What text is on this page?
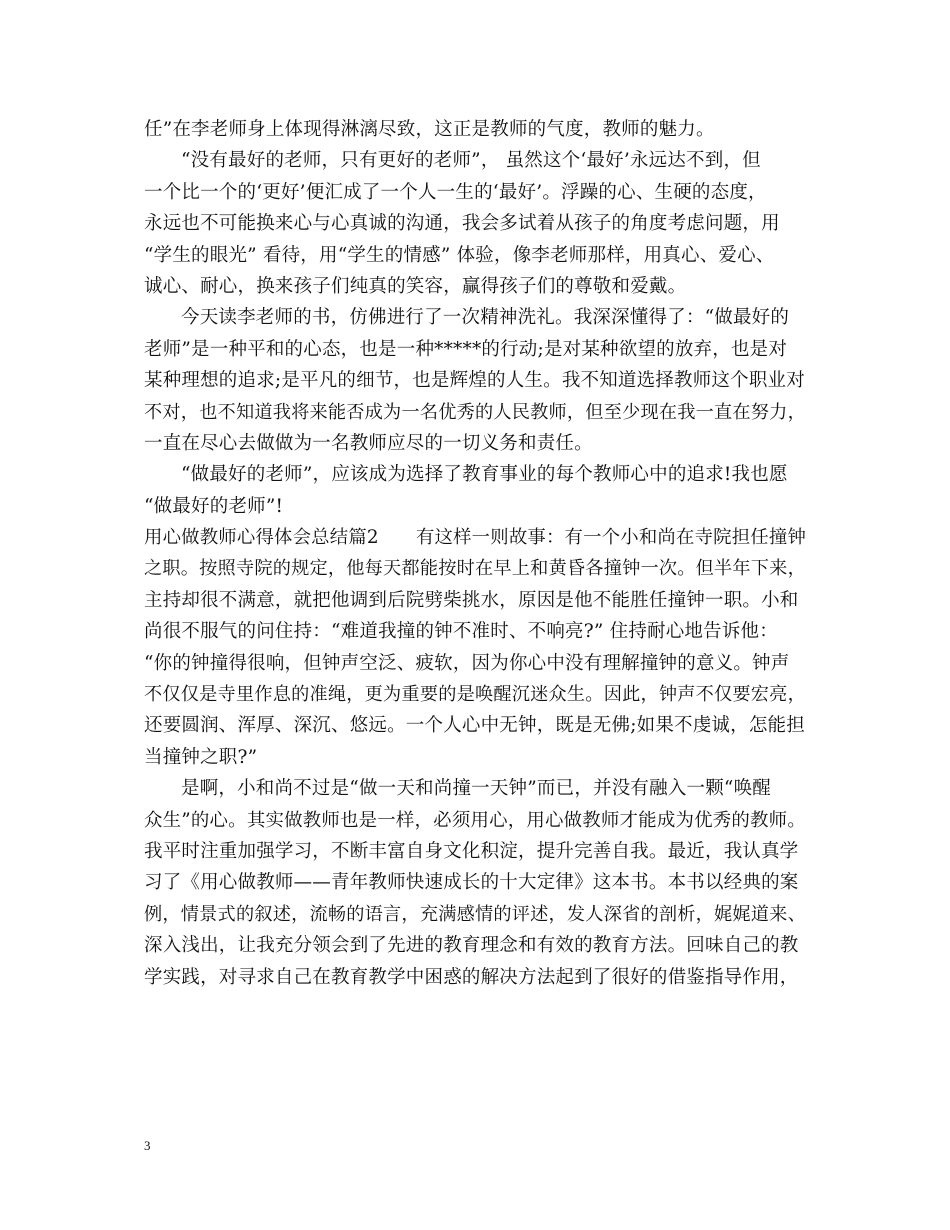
任”在李老师身上体现得淋漓尽致，这正是教师的气度，教师的魅力。
“没有最好的老师，只有更好的老师”， 虽然这个‘最好’永远达不到，但
一个比一个的‘更好’便汇成了一个人一生的‘最好’。浮躁的心、生硬的态度，
永远也不可能换来心与心真诚的沟通，我会多试着从孩子的角度考虑问题，用
“学生的眼光” 看待，用“学生的情感” 体验，像李老师那样，用真心、爱心、
诚心、耐心，换来孩子们纯真的笑容，赢得孩子们的尊敬和爱戴。
今天读李老师的书，仿佛进行了一次精神洗礼。我深深懂得了：“做最好的
老师”是一种平和的心态，也是一种*****的行动;是对某种欲望的放弃，也是对
某种理想的追求;是平凡的细节，也是辉煌的人生。我不知道选择教师这个职业对
不对，也不知道我将来能否成为一名优秀的人民教师，但至少现在我一直在努力，
一直在尽心去做做为一名教师应尽的一切义务和责任。
“做最好的老师”，应该成为选择了教育事业的每个教师心中的追求!我也愿
“做最好的老师”!
用心做教师心得体会总结篇2　　有这样一则故事：有一个小和尚在寺院担任撞钟
之职。按照寺院的规定，他每天都能按时在早上和黄昏各撞钟一次。但半年下来，
主持却很不满意，就把他调到后院劈柴挑水，原因是他不能胜任撞钟一职。小和
尚很不服气的问住持：“难道我撞的钟不准时、不响亮?” 住持耐心地告诉他：
“你的钟撞得很响，但钟声空泛、疲软，因为你心中没有理解撞钟的意义。钟声
不仅仅是寺里作息的准绳，更为重要的是唤醒沉迷众生。因此，钟声不仅要宏亮，
还要圆润、浑厚、深沉、悠远。一个人心中无钟，既是无佛;如果不虔诚，怎能担
当撞钟之职?”
是啊，小和尚不过是“做一天和尚撞一天钟”而已，并没有融入一颗“唤醒
众生”的心。其实做教师也是一样，必须用心，用心做教师才能成为优秀的教师。
我平时注重加强学习，不断丰富自身文化积淀，提升完善自我。最近，我认真学
习了《用心做教师——青年教师快速成长的十大定律》这本书。本书以经典的案
例，情景式的叙述，流畅的语言，充满感情的评述，发人深省的剖析，娓娓道来、
深入浅出，让我充分领会到了先进的教育理念和有效的教育方法。回味自己的教
学实践，对寻求自己在教育教学中困惑的解决方法起到了很好的借鉴指导作用，
3
